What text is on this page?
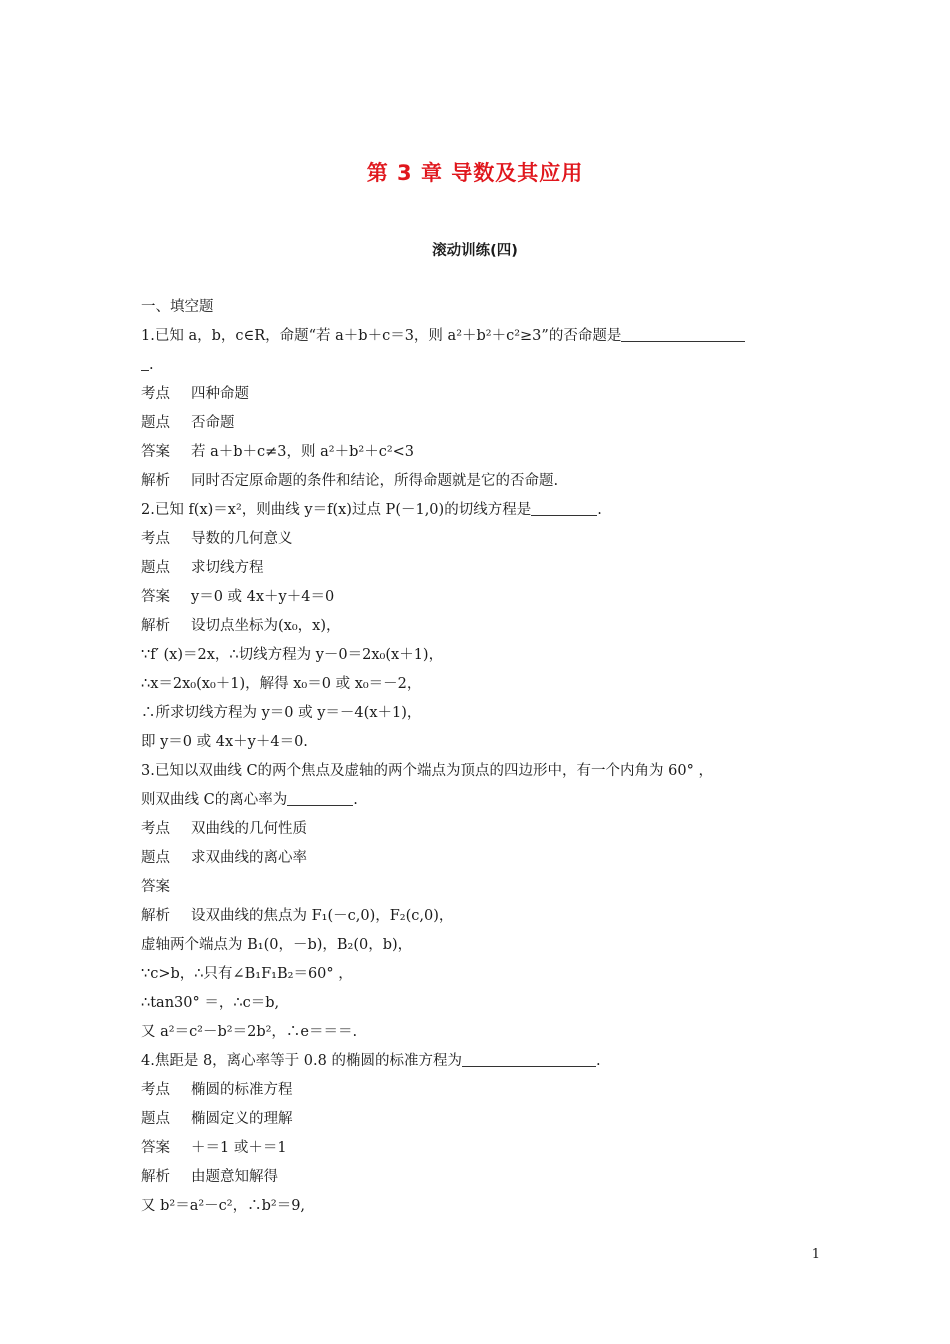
第 3 章 导数及其应用
滚动训练(四)
一、填空题
1.已知 a，b，c∈R，命题“若 a＋b＋c＝3，则 a²＋b²＋c²≥3”的否命题是
.
考点 四种命题
题点 否命题
答案 若 a＋b＋c≠3，则 a²＋b²＋c²<3
解析 同时否定原命题的条件和结论，所得命题就是它的否命题.
2.已知 f(x)＝x²，则曲线 y＝f(x)过点 P(－1,0)的切线方程是	.
考点 导数的几何意义
题点 求切线方程
答案 y＝0 或 4x＋y＋4＝0
解析 设切点坐标为(x₀，x)，
∵f′ (x)＝2x，∴切线方程为 y－0＝2x₀(x＋1)，
∴x＝2x₀(x₀＋1)，解得 x₀＝0 或 x₀＝－2，
∴所求切线方程为 y＝0 或 y＝－4(x＋1)，
即 y＝0 或 4x＋y＋4＝0.
3.已知以双曲线 C的两个焦点及虚轴的两个端点为顶点的四边形中，有一个内角为 60° ，
则双曲线 C的离心率为	.
考点 双曲线的几何性质
题点 求双曲线的离心率
答案
解析 设双曲线的焦点为 F₁(－c,0)，F₂(c,0)，
虚轴两个端点为 B₁(0，－b)，B₂(0，b)，
∵c>b，∴只有∠B₁F₁B₂＝60° ，
∴tan30° ＝，∴c＝b,
又 a²＝c²－b²＝2b²，∴e＝＝＝.
4.焦距是 8，离心率等于 0.8 的椭圆的标准方程为	.
考点 椭圆的标准方程
题点 椭圆定义的理解
答案 ＋＝1 或＋＝1
解析 由题意知解得
又 b²＝a²－c²，∴b²＝9,
1
